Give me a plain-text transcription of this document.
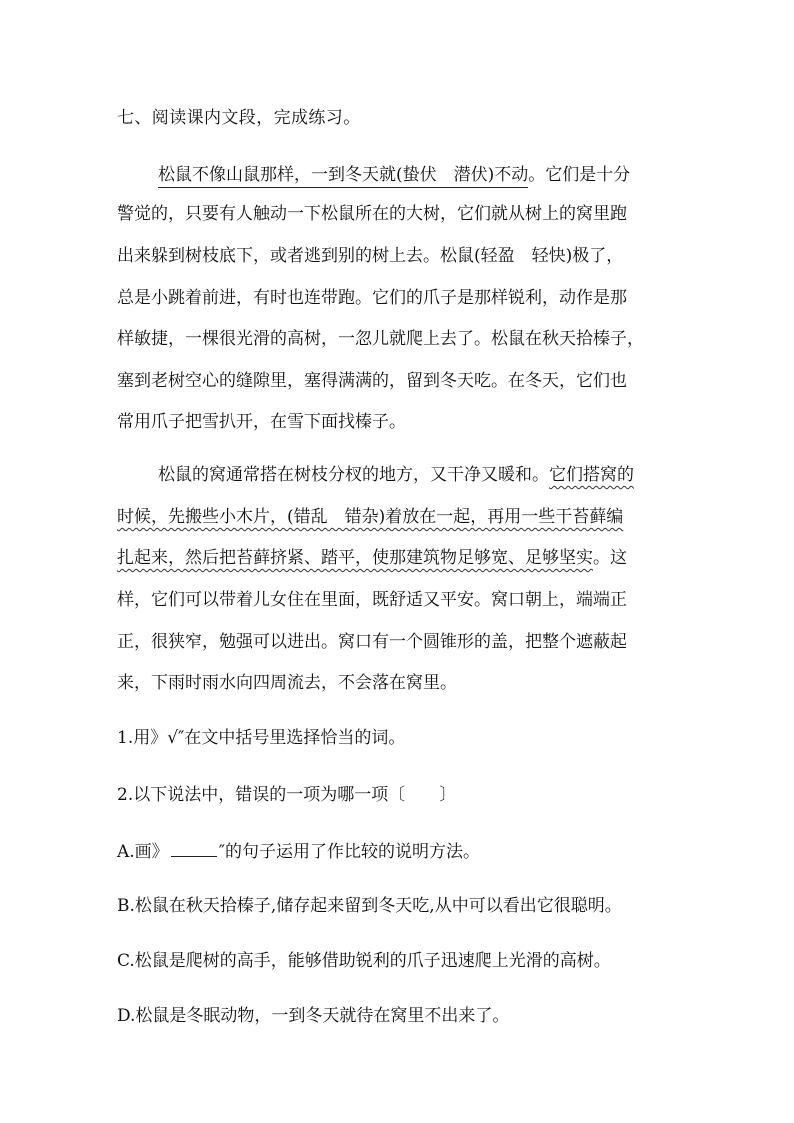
七、阅读课内文段，完成练习。
松鼠不像山鼠那样，一到冬天就(蛰伏　潜伏)不动。它们是十分
警觉的，只要有人触动一下松鼠所在的大树，它们就从树上的窝里跑
出来躲到树枝底下，或者逃到别的树上去。松鼠(轻盈　轻快)极了，
总是小跳着前进，有时也连带跑。它们的爪子是那样锐利，动作是那
样敏捷，一棵很光滑的高树，一忽儿就爬上去了。松鼠在秋天拾榛子，
塞到老树空心的缝隙里，塞得满满的，留到冬天吃。在冬天，它们也
常用爪子把雪扒开，在雪下面找榛子。
松鼠的窝通常搭在树枝分杈的地方，又干净又暖和。它们搭窝的
时候，先搬些小木片，(错乱　错杂)着放在一起，再用一些干苔藓编
扎起来，然后把苔藓挤紧、踏平，使那建筑物足够宽、足够坚实。这
样，它们可以带着儿女住在里面，既舒适又平安。窝口朝上，端端正
正，很狭窄，勉强可以进出。窝口有一个圆锥形的盖，把整个遮蔽起
来，下雨时雨水向四周流去，不会落在窝里。
1.用》√″在文中括号里选择恰当的词。
2.以下说法中，错误的一项为哪一项〔　　〕
A.画》	″的句子运用了作比较的说明方法。
B.松鼠在秋天拾榛子,储存起来留到冬天吃,从中可以看出它很聪明。
C.松鼠是爬树的高手，能够借助锐利的爪子迅速爬上光滑的高树。
D.松鼠是冬眠动物，一到冬天就待在窝里不出来了。
